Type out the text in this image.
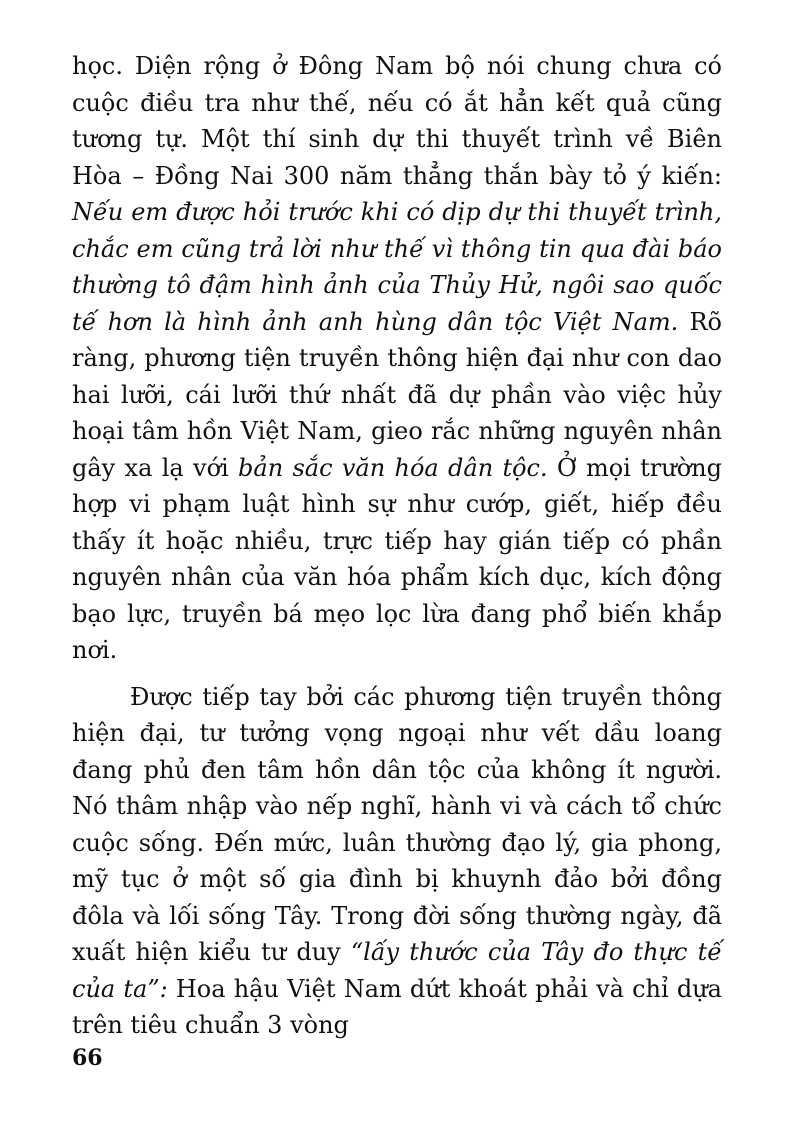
học. Diện rộng ở Đông Nam bộ nói chung chưa có cuộc điều tra như thế, nếu có ắt hẳn kết quả cũng tương tự. Một thí sinh dự thi thuyết trình về Biên Hòa – Đồng Nai 300 năm thẳng thắn bày tỏ ý kiến: Nếu em được hỏi trước khi có dịp dự thi thuyết trình, chắc em cũng trả lời như thế vì thông tin qua đài báo thường tô đậm hình ảnh của Thủy Hử, ngôi sao quốc tế hơn là hình ảnh anh hùng dân tộc Việt Nam. Rõ ràng, phương tiện truyền thông hiện đại như con dao hai lưỡi, cái lưỡi thứ nhất đã dự phần vào việc hủy hoại tâm hồn Việt Nam, gieo rắc những nguyên nhân gây xa lạ với bản sắc văn hóa dân tộc. Ở mọi trường hợp vi phạm luật hình sự như cướp, giết, hiếp đều thấy ít hoặc nhiều, trực tiếp hay gián tiếp có phần nguyên nhân của văn hóa phẩm kích dục, kích động bạo lực, truyền bá mẹo lọc lừa đang phổ biến khắp nơi.

Được tiếp tay bởi các phương tiện truyền thông hiện đại, tư tưởng vọng ngoại như vết dầu loang đang phủ đen tâm hồn dân tộc của không ít người. Nó thâm nhập vào nếp nghĩ, hành vi và cách tổ chức cuộc sống. Đến mức, luân thường đạo lý, gia phong, mỹ tục ở một số gia đình bị khuynh đảo bởi đồng đôla và lối sống Tây. Trong đời sống thường ngày, đã xuất hiện kiểu tư duy “lấy thước của Tây đo thực tế của ta”: Hoa hậu Việt Nam dứt khoát phải và chỉ dựa trên tiêu chuẩn 3 vòng

66
